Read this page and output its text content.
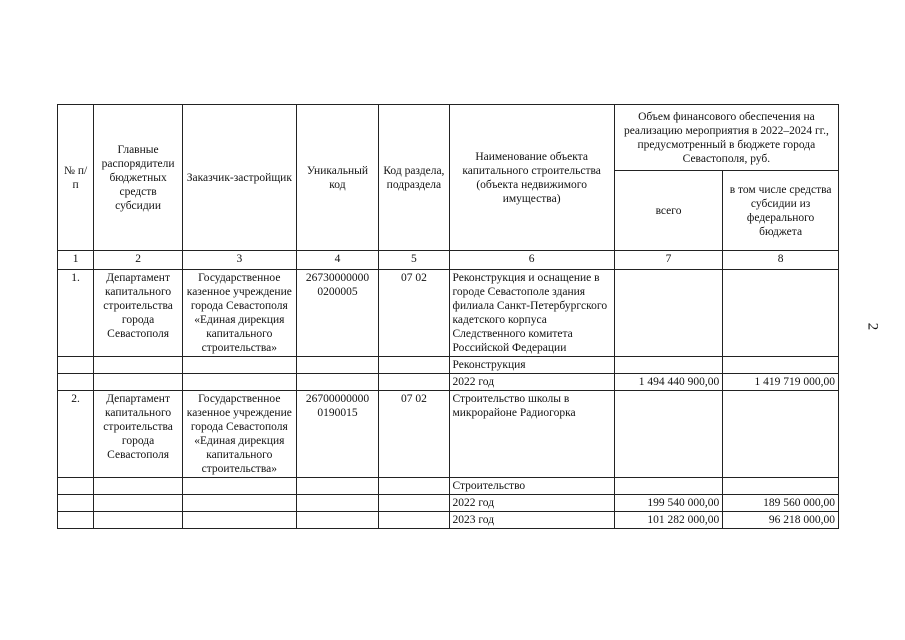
2
№ п/п	Главные распорядители бюджетных средств субсидии	Заказчик-застройщик	Уникальный код	Код раздела, подраздела	Наименование объекта капитального строительства (объекта недвижимого имущества)	Объем финансового обеспечения на реализацию мероприятия в 2022–2024 гг., предусмотренный в бюджете города Севастополя, руб.	
						всего	в том числе средства субсидии из федерального бюджета
1	2	3	4	5	6	7	8
1.	Департамент капитального строительства города Севастополя	Государственное казенное учреждение города Севастополя «Единая дирекция капитального строительства»	26730000000 0200005	07 02	Реконструкция и оснащение в городе Севастополе здания филиала Санкт-Петербургского кадетского корпуса Следственного комитета Российской Федерации		
					Реконструкция		
					2022 год	1 494 440 900,00	1 419 719 000,00
2.	Департамент капитального строительства города Севастополя	Государственное казенное учреждение города Севастополя «Единая дирекция капитального строительства»	26700000000 0190015	07 02	Строительство школы в микрорайоне Радиогорка		
					Строительство		
					2022 год	199 540 000,00	189 560 000,00
					2023 год	101 282 000,00	96 218 000,00
